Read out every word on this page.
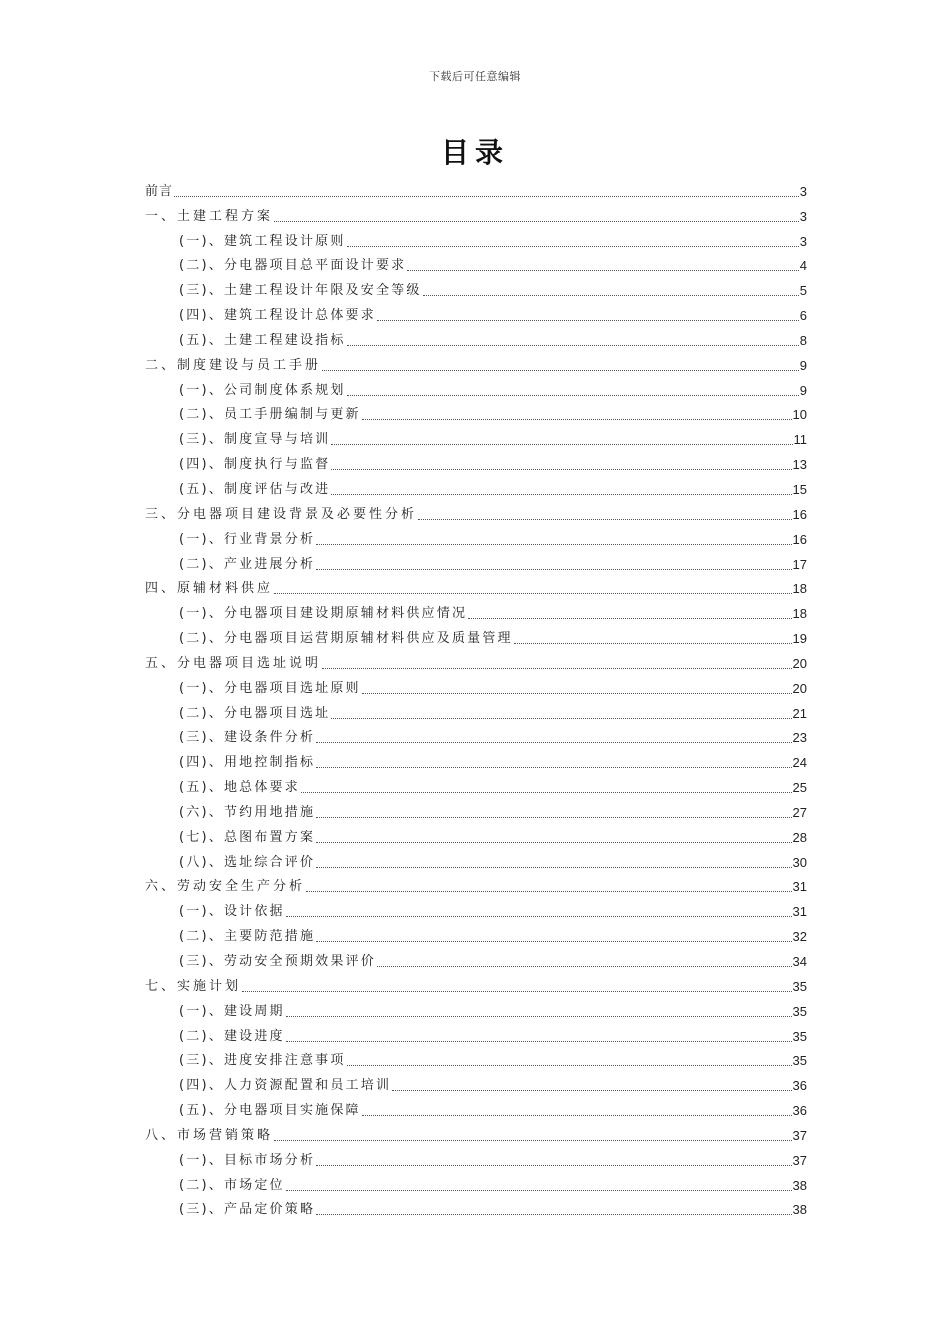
下载后可任意编辑
目录
前言	3
一、土建工程方案	3
(一)、建筑工程设计原则	3
(二)、分电器项目总平面设计要求	4
(三)、土建工程设计年限及安全等级	5
(四)、建筑工程设计总体要求	6
(五)、土建工程建设指标	8
二、制度建设与员工手册	9
(一)、公司制度体系规划	9
(二)、员工手册编制与更新	10
(三)、制度宣导与培训	11
(四)、制度执行与监督	13
(五)、制度评估与改进	15
三、分电器项目建设背景及必要性分析	16
(一)、行业背景分析	16
(二)、产业进展分析	17
四、原辅材料供应	18
(一)、分电器项目建设期原辅材料供应情况	18
(二)、分电器项目运营期原辅材料供应及质量管理	19
五、分电器项目选址说明	20
(一)、分电器项目选址原则	20
(二)、分电器项目选址	21
(三)、建设条件分析	23
(四)、用地控制指标	24
(五)、地总体要求	25
(六)、节约用地措施	27
(七)、总图布置方案	28
(八)、选址综合评价	30
六、劳动安全生产分析	31
(一)、设计依据	31
(二)、主要防范措施	32
(三)、劳动安全预期效果评价	34
七、实施计划	35
(一)、建设周期	35
(二)、建设进度	35
(三)、进度安排注意事项	35
(四)、人力资源配置和员工培训	36
(五)、分电器项目实施保障	36
八、市场营销策略	37
(一)、目标市场分析	37
(二)、市场定位	38
(三)、产品定价策略	38
